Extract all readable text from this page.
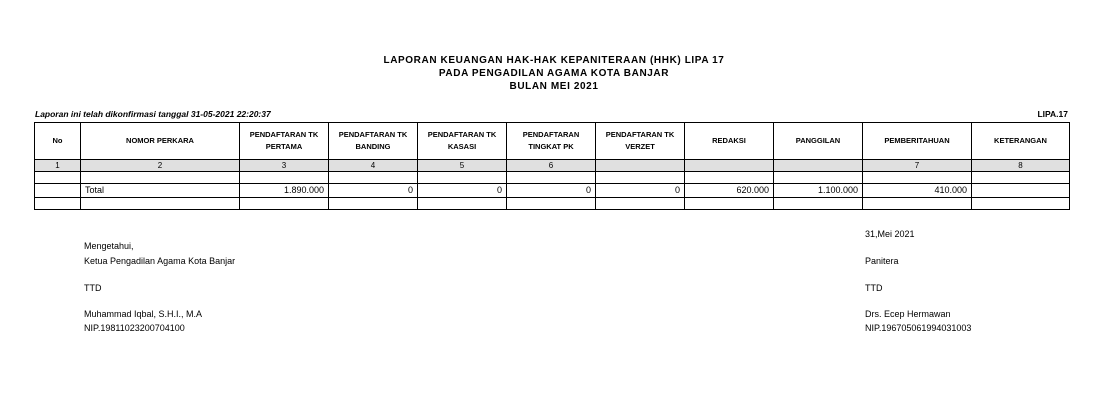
LAPORAN KEUANGAN HAK-HAK KEPANITERAAN (HHK) LIPA 17
PADA PENGADILAN AGAMA KOTA BANJAR
BULAN MEI 2021
Laporan ini telah dikonfirmasi tanggal 31-05-2021 22:20:37	LIPA.17
No	NOMOR PERKARA	PENDAFTARAN TK PERTAMA	PENDAFTARAN TK BANDING	PENDAFTARAN TK KASASI	PENDAFTARAN TINGKAT PK	PENDAFTARAN TK VERZET	REDAKSI	PANGGILAN	PEMBERITAHUAN	KETERANGAN
1	2	3	4	5	6				7	8

	Total	1.890.000	0	0	0	0	620.000	1.100.000	410.000	

Mengetahui,
Ketua Pengadilan Agama Kota Banjar
TTD
Muhammad Iqbal, S.H.I., M.A
NIP.19811023200704100
31,Mei 2021
Panitera
TTD
Drs. Ecep Hermawan
NIP.196705061994031003
